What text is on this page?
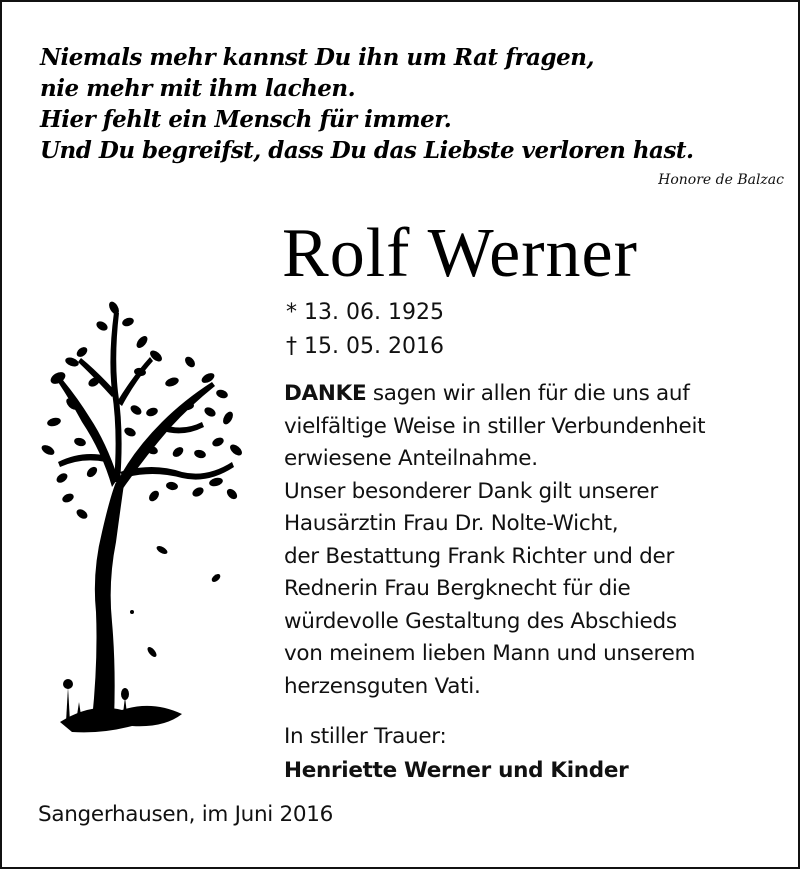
Niemals mehr kannst Du ihn um Rat fragen,
nie mehr mit ihm lachen.
Hier fehlt ein Mensch für immer.
Und Du begreifst, dass Du das Liebste verloren hast.
Honore de Balzac
Rolf Werner
* 13. 06. 1925
† 15. 05. 2016
DANKE sagen wir allen für die uns auf
vielfältige Weise in stiller Verbundenheit
erwiesene Anteilnahme.
Unser besonderer Dank gilt unserer
Hausärztin Frau Dr. Nolte-Wicht,
der Bestattung Frank Richter und der
Rednerin Frau Bergknecht für die
würdevolle Gestaltung des Abschieds
von meinem lieben Mann und unserem
herzensguten Vati.
In stiller Trauer:
Henriette Werner und Kinder
Sangerhausen, im Juni 2016
